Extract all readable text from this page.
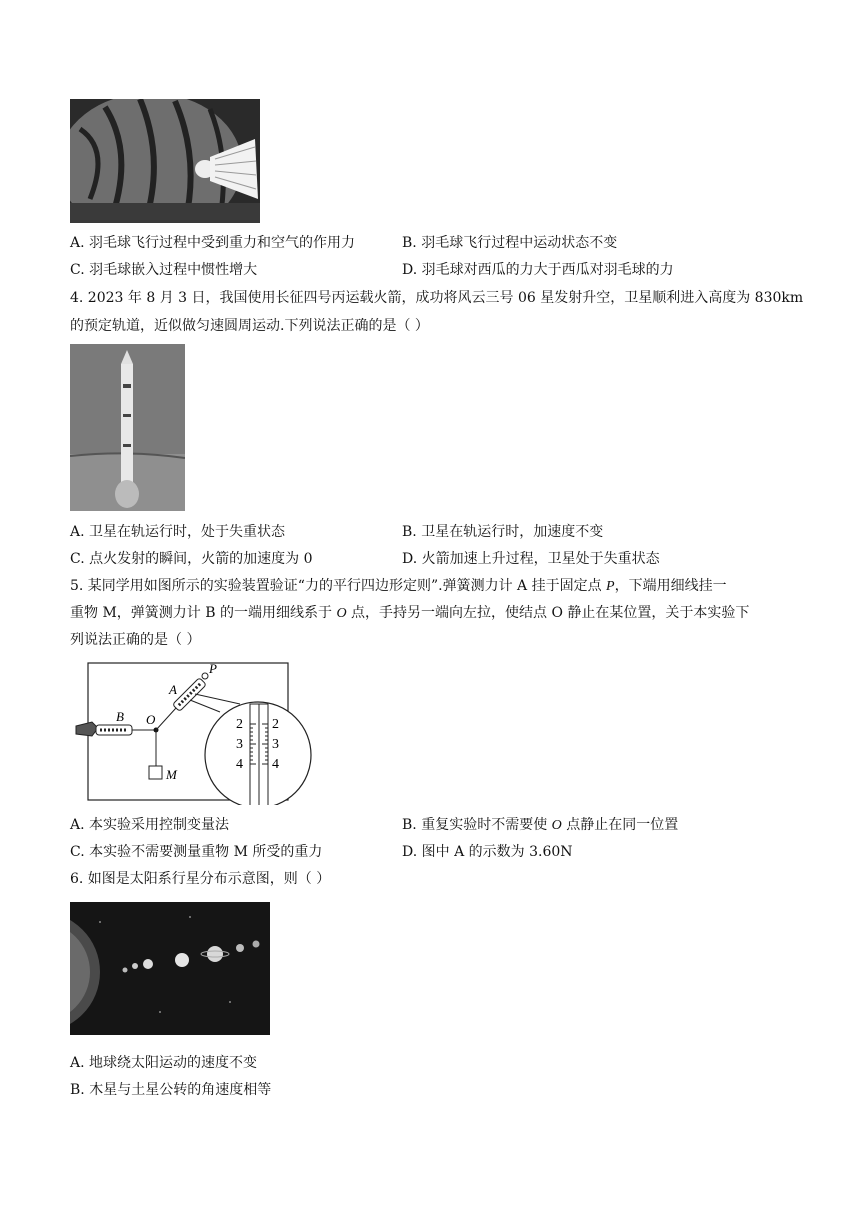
A. 羽毛球飞行过程中受到重力和空气的作用力	B. 羽毛球飞行过程中运动状态不变
C. 羽毛球嵌入过程中惯性增大	D. 羽毛球对西瓜的力大于西瓜对羽毛球的力
4. 2023 年 8 月 3 日，我国使用长征四号丙运载火箭，成功将风云三号 06 星发射升空，卫星顺利进入高度为 830km
的预定轨道，近似做匀速圆周运动.下列说法正确的是（ ）
A. 卫星在轨运行时，处于失重状态	B. 卫星在轨运行时，加速度不变
C. 点火发射的瞬间，火箭的加速度为 0	D. 火箭加速上升过程，卫星处于失重状态
5. 某同学用如图所示的实验装置验证“力的平行四边形定则”.弹簧测力计 A 挂于固定点 P，下端用细线挂一
重物 M，弹簧测力计 B 的一端用细线系于 O 点，手持另一端向左拉，使结点 O 静止在某位置，关于本实验下
列说法正确的是（ ）
B O
M
A
P
2
3
4
2
3
4
A. 本实验采用控制变量法	B. 重复实验时不需要使 O 点静止在同一位置
C. 本实验不需要测量重物 M 所受的重力	D. 图中 A 的示数为 3.60N
6. 如图是太阳系行星分布示意图，则（ ）
A. 地球绕太阳运动的速度不变
B. 木星与土星公转的角速度相等
